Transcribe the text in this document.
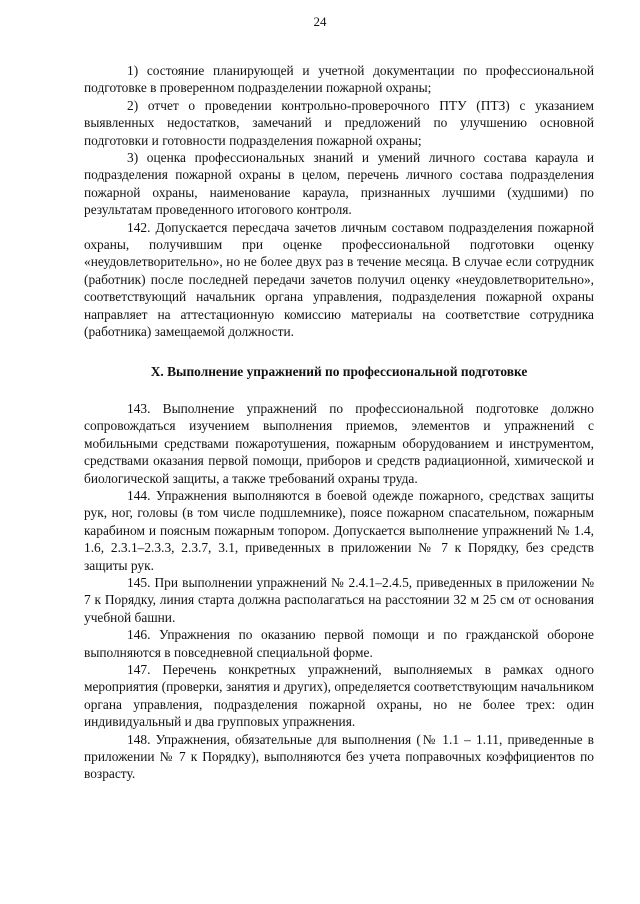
24

1) состояние планирующей и учетной документации по профессиональной подготовке в проверенном подразделении пожарной охраны;

2) отчет о проведении контрольно-проверочного ПТУ (ПТЗ) с указанием выявленных недостатков, замечаний и предложений по улучшению основной подготовки и готовности подразделения пожарной охраны;

3) оценка профессиональных знаний и умений личного состава караула и подразделения пожарной охраны в целом, перечень личного состава подразделения пожарной охраны, наименование караула, признанных лучшими (худшими) по результатам проведенного итогового контроля.

142. Допускается пересдача зачетов личным составом подразделения пожарной охраны, получившим при оценке профессиональной подготовки оценку «неудовлетворительно», но не более двух раз в течение месяца. В случае если сотрудник (работник) после последней передачи зачетов получил оценку «неудовлетворительно», соответствующий начальник органа управления, подразделения пожарной охраны направляет на аттестационную комиссию материалы на соответствие сотрудника (работника) замещаемой должности.

X. Выполнение упражнений по профессиональной подготовке

143. Выполнение упражнений по профессиональной подготовке должно сопровождаться изучением выполнения приемов, элементов и упражнений с мобильными средствами пожаротушения, пожарным оборудованием и инструментом, средствами оказания первой помощи, приборов и средств радиационной, химической и биологической защиты, а также требований охраны труда.

144. Упражнения выполняются в боевой одежде пожарного, средствах защиты рук, ног, головы (в том числе подшлемнике), поясе пожарном спасательном, пожарным карабином и поясным пожарным топором. Допускается выполнение упражнений № 1.4, 1.6, 2.3.1–2.3.3, 2.3.7, 3.1, приведенных в приложении № 7 к Порядку, без средств защиты рук.

145. При выполнении упражнений № 2.4.1–2.4.5, приведенных в приложении № 7 к Порядку, линия старта должна располагаться на расстоянии 32 м 25 см от основания учебной башни.

146. Упражнения по оказанию первой помощи и по гражданской обороне выполняются в повседневной специальной форме.

147. Перечень конкретных упражнений, выполняемых в рамках одного мероприятия (проверки, занятия и других), определяется соответствующим начальником органа управления, подразделения пожарной охраны, но не более трех: один индивидуальный и два групповых упражнения.

148. Упражнения, обязательные для выполнения (№ 1.1 – 1.11, приведенные в приложении № 7 к Порядку), выполняются без учета поправочных коэффициентов по возрасту.
